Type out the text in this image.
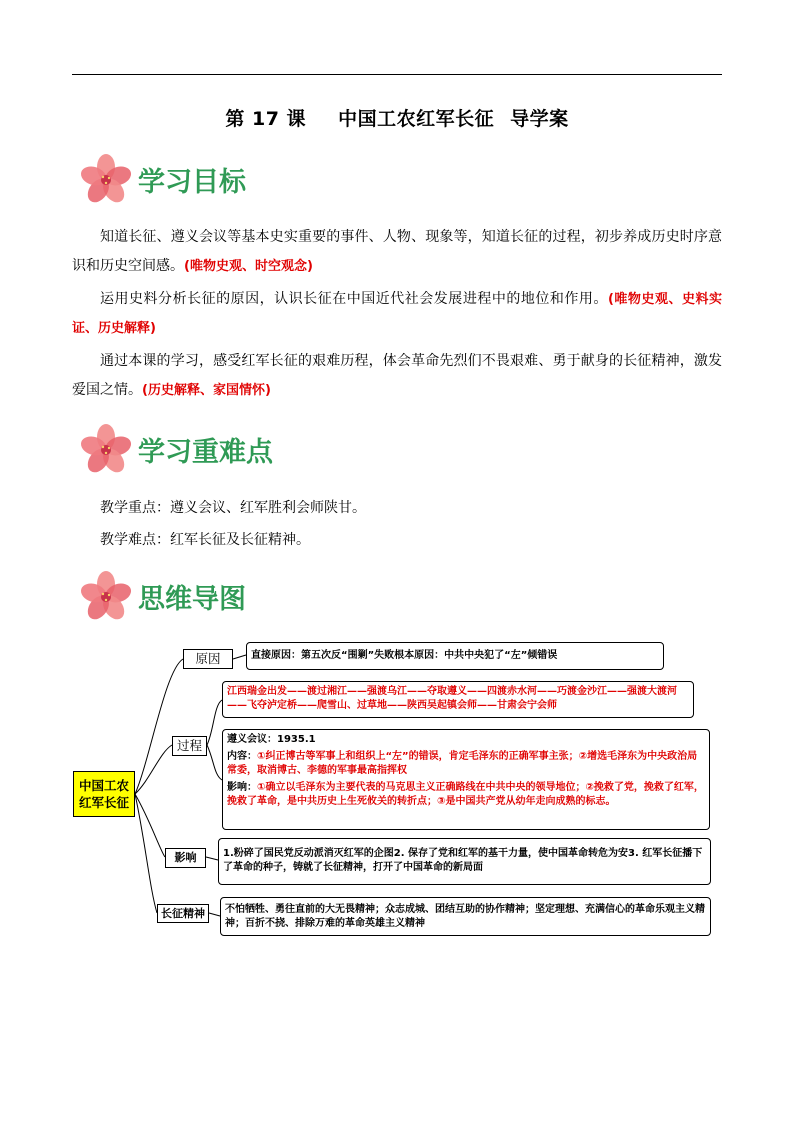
第 17 课 中国工农红军长征 导学案
学习目标
知道长征、遵义会议等基本史实重要的事件、人物、现象等，知道长征的过程，初步养成历史时序意识和历史空间感。(唯物史观、时空观念)
运用史料分析长征的原因，认识长征在中国近代社会发展进程中的地位和作用。(唯物史观、史料实证、历史解释)
通过本课的学习，感受红军长征的艰难历程，体会革命先烈们不畏艰难、勇于献身的长征精神，激发爱国之情。(历史解释、家国情怀)
学习重难点
教学重点：遵义会议、红军胜利会师陕甘。
教学难点：红军长征及长征精神。
思维导图
中国工农红军长征
原因	直接原因：第五次反“围剿”失败根本原因：中共中央犯了“左”倾错误
过程
江西瑞金出发——渡过湘江——强渡乌江——夺取遵义——四渡赤水河——巧渡金沙江——强渡大渡河——飞夺泸定桥——爬雪山、过草地——陕西吴起镇会师——甘肃会宁会师
遵义会议：1935.1
内容：①纠正博古等军事上和组织上“左”的错误，肯定毛泽东的正确军事主张；②增选毛泽东为中央政治局常委，取消博古、李德的军事最高指挥权
影响：①确立以毛泽东为主要代表的马克思主义正确路线在中共中央的领导地位；②挽救了党，挽救了红军，挽救了革命，是中共历史上生死攸关的转折点；③是中国共产党从幼年走向成熟的标志。
影响	1.粉碎了国民党反动派消灭红军的企图2. 保存了党和红军的基干力量，使中国革命转危为安3. 红军长征播下了革命的种子，铸就了长征精神，打开了中国革命的新局面
长征精神	不怕牺牲、勇往直前的大无畏精神；众志成城、团结互助的协作精神；坚定理想、充满信心的革命乐观主义精神；百折不挠、排除万难的革命英雄主义精神
